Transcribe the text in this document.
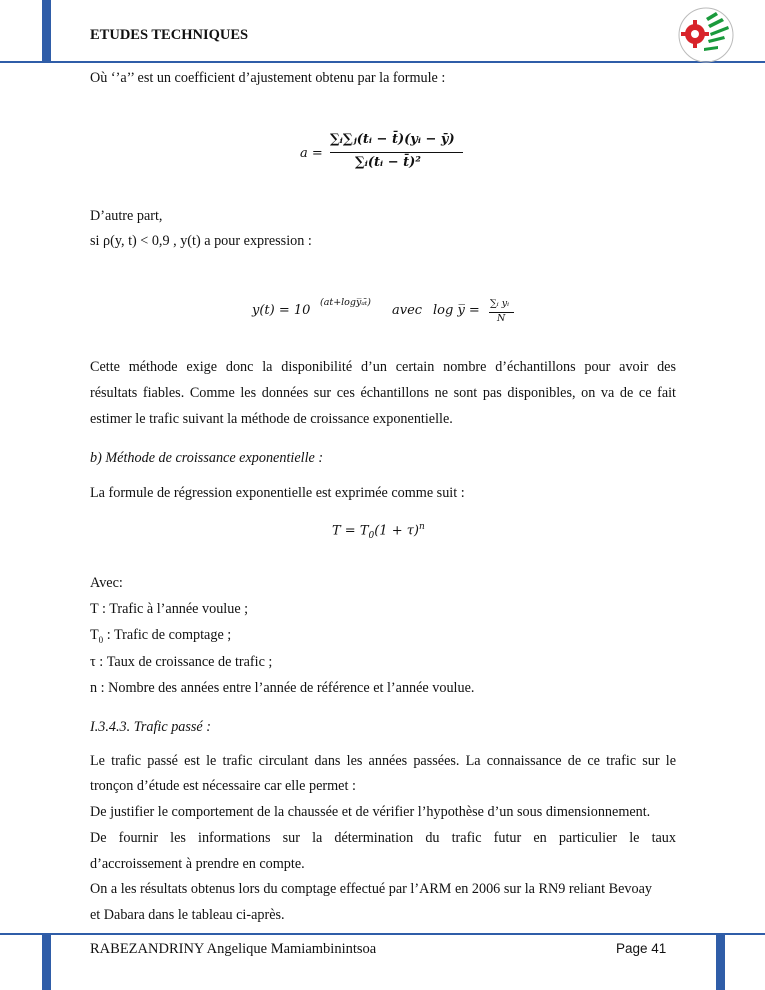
ETUDES TECHNIQUES
Où ‘’a’’ est un coefficient d’ajustement obtenu par la formule :
a =
∑ᵢ∑ⱼ(tᵢ − t̄)(yᵢ − ȳ)
∑ᵢ(tᵢ − t̄)²
D’autre part,
si ρ(y, t) < 0,9 , y(t) a pour expression :
y(t) = 10
(at+logy̅ₐₜ̄)
avec log y̅ = ∑ᵢ yᵢ
N
Cette méthode exige donc la disponibilité d’un certain nombre d’échantillons pour avoir des
résultats fiables. Comme les données sur ces échantillons ne sont pas disponibles, on va de ce fait
estimer le trafic suivant la méthode de croissance exponentielle.
b) Méthode de croissance exponentielle :
La formule de régression exponentielle est exprimée comme suit :
$T = T_0(1 + \tau)^n$
Avec:
T : Trafic à l’année voulue ;
$T_0$ : Trafic de comptage ;
τ : Taux de croissance de trafic ;
n : Nombre des années entre l’année de référence et l’année voulue.
I.3.4.3. Trafic passé :
Le trafic passé est le trafic circulant dans les années passées. La connaissance de ce trafic sur le
tronçon d’étude est nécessaire car elle permet :
De justifier le comportement de la chaussée et de vérifier l’hypothèse d’un sous dimensionnement.
De fournir les informations sur la détermination du trafic futur en particulier le taux
d’accroissement à prendre en compte.
On a les résultats obtenus lors du comptage effectué par l’ARM en 2006 sur la RN9 reliant Bevoay
et Dabara dans le tableau ci-après.
RABEZANDRINY Angelique Mamiambinintsoa	Page 41
